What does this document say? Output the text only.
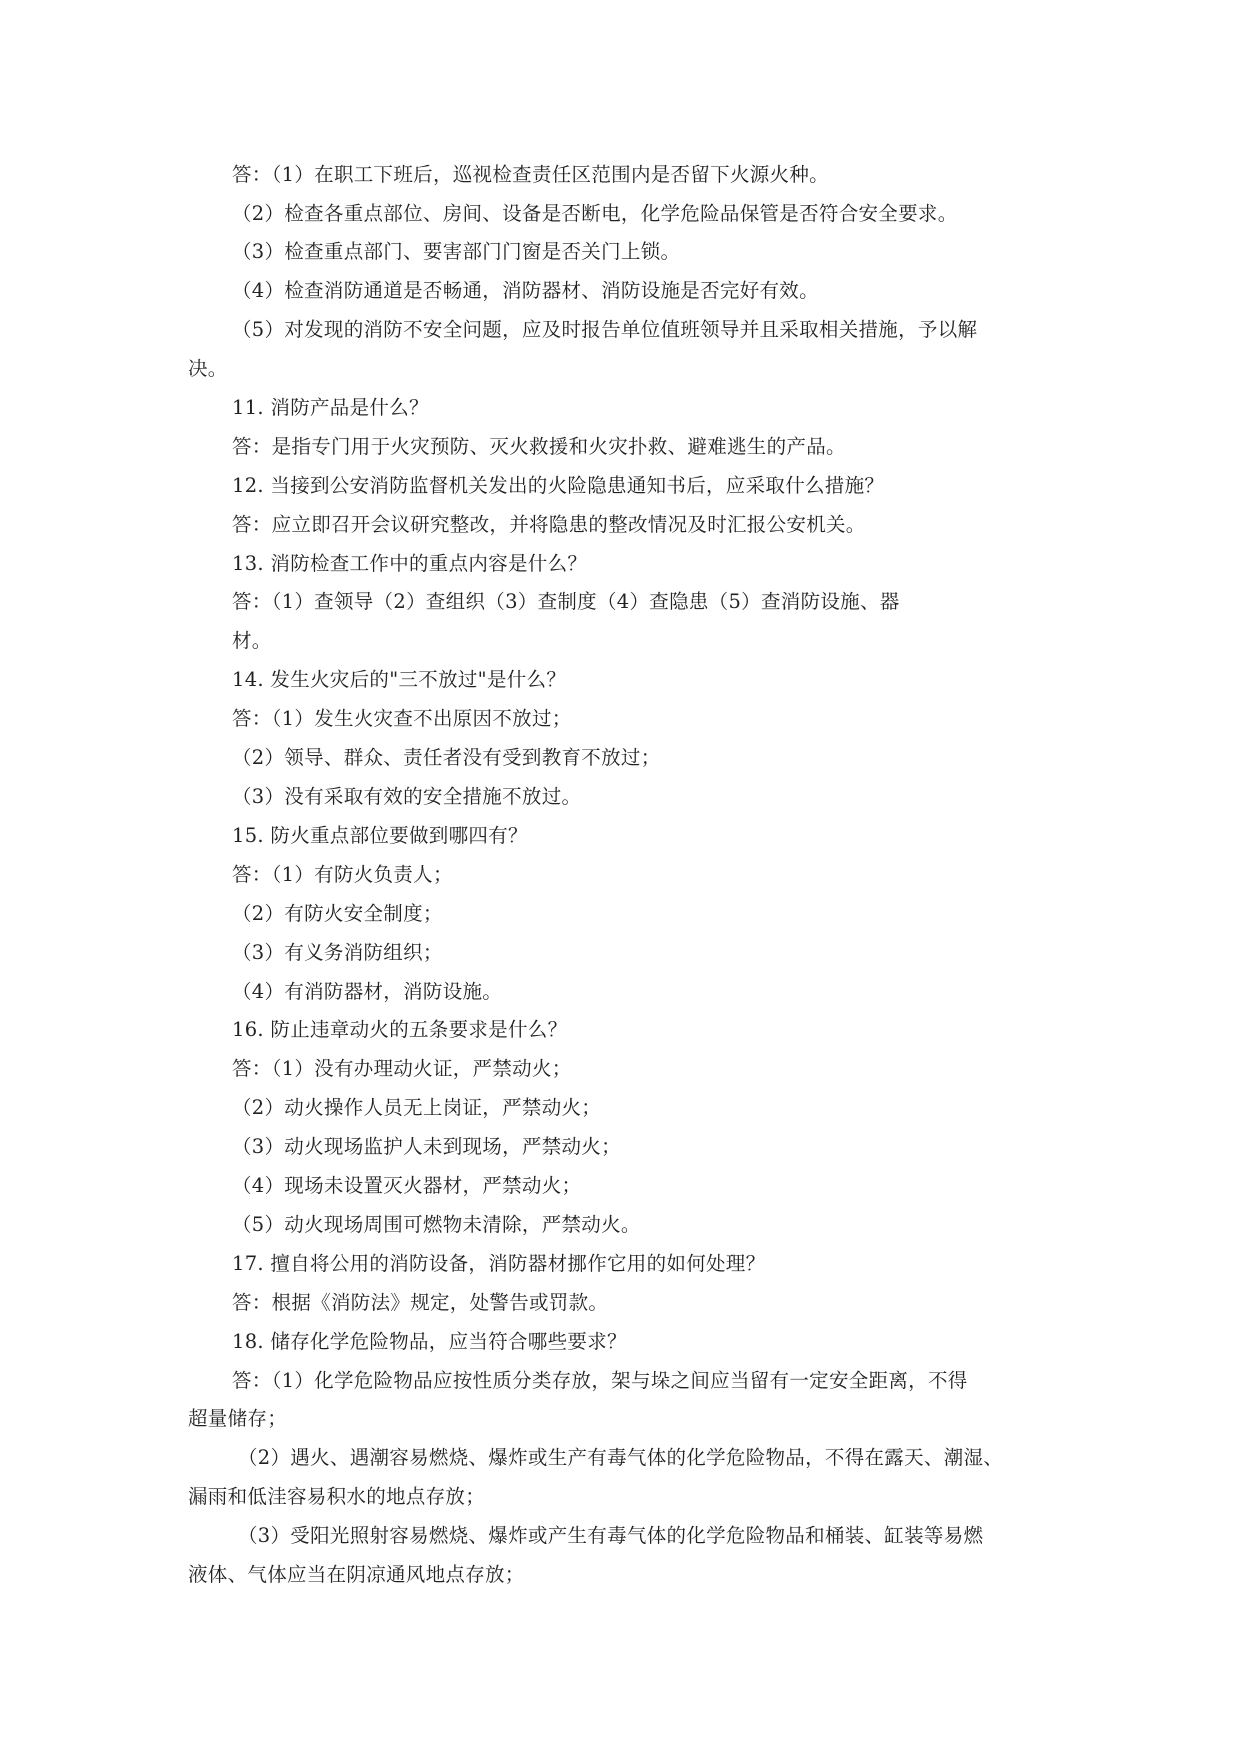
答：（1）在职工下班后，巡视检查责任区范围内是否留下火源火种。
（2）检查各重点部位、房间、设备是否断电，化学危险品保管是否符合安全要求。
（3）检查重点部门、要害部门门窗是否关门上锁。
（4）检查消防通道是否畅通，消防器材、消防设施是否完好有效。
（5）对发现的消防不安全问题，应及时报告单位值班领导并且采取相关措施，予以解
决。
11. 消防产品是什么？
答：是指专门用于火灾预防、灭火救援和火灾扑救、避难逃生的产品。
12. 当接到公安消防监督机关发出的火险隐患通知书后，应采取什么措施？
答：应立即召开会议研究整改，并将隐患的整改情况及时汇报公安机关。
13. 消防检查工作中的重点内容是什么？
答：（1）查领导（2）查组织（3）查制度（4）查隐患（5）查消防设施、器
材。
14. 发生火灾后的"三不放过"是什么？
答：（1）发生火灾查不出原因不放过；
（2）领导、群众、责任者没有受到教育不放过；
（3）没有采取有效的安全措施不放过。
15. 防火重点部位要做到哪四有？
答：（1）有防火负责人；
（2）有防火安全制度；
（3）有义务消防组织；
（4）有消防器材，消防设施。
16. 防止违章动火的五条要求是什么？
答：（1）没有办理动火证，严禁动火；
（2）动火操作人员无上岗证，严禁动火；
（3）动火现场监护人未到现场，严禁动火；
（4）现场未设置灭火器材，严禁动火；
（5）动火现场周围可燃物未清除，严禁动火。
17. 擅自将公用的消防设备，消防器材挪作它用的如何处理？
答：根据《消防法》规定，处警告或罚款。
18. 储存化学危险物品，应当符合哪些要求？
答：（1）化学危险物品应按性质分类存放，架与垛之间应当留有一定安全距离，不得
超量储存；
（2）遇火、遇潮容易燃烧、爆炸或生产有毒气体的化学危险物品，不得在露天、潮湿、
漏雨和低洼容易积水的地点存放；
（3）受阳光照射容易燃烧、爆炸或产生有毒气体的化学危险物品和桶装、缸装等易燃
液体、气体应当在阴凉通风地点存放；
